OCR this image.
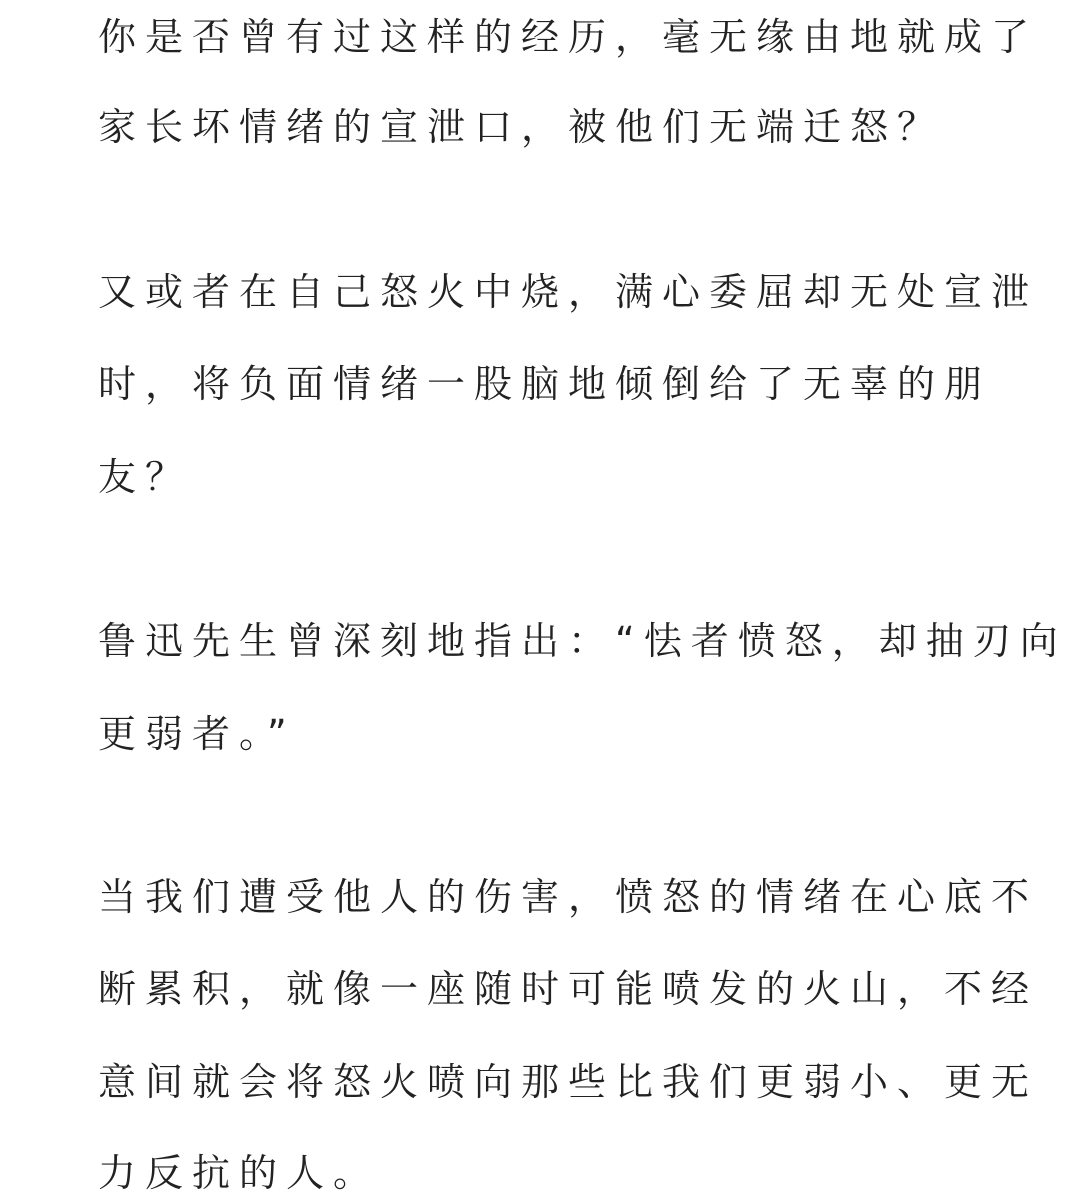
你是否曾有过这样的经历，毫无缘由地就成了
家长坏情绪的宣泄口，被他们无端迁怒？
又或者在自己怒火中烧，满心委屈却无处宣泄
时，将负面情绪一股脑地倾倒给了无辜的朋
友？
鲁迅先生曾深刻地指出：“怯者愤怒，却抽刃向
更弱者。”
当我们遭受他人的伤害，愤怒的情绪在心底不
断累积，就像一座随时可能喷发的火山，不经
意间就会将怒火喷向那些比我们更弱小、更无
力反抗的人。
